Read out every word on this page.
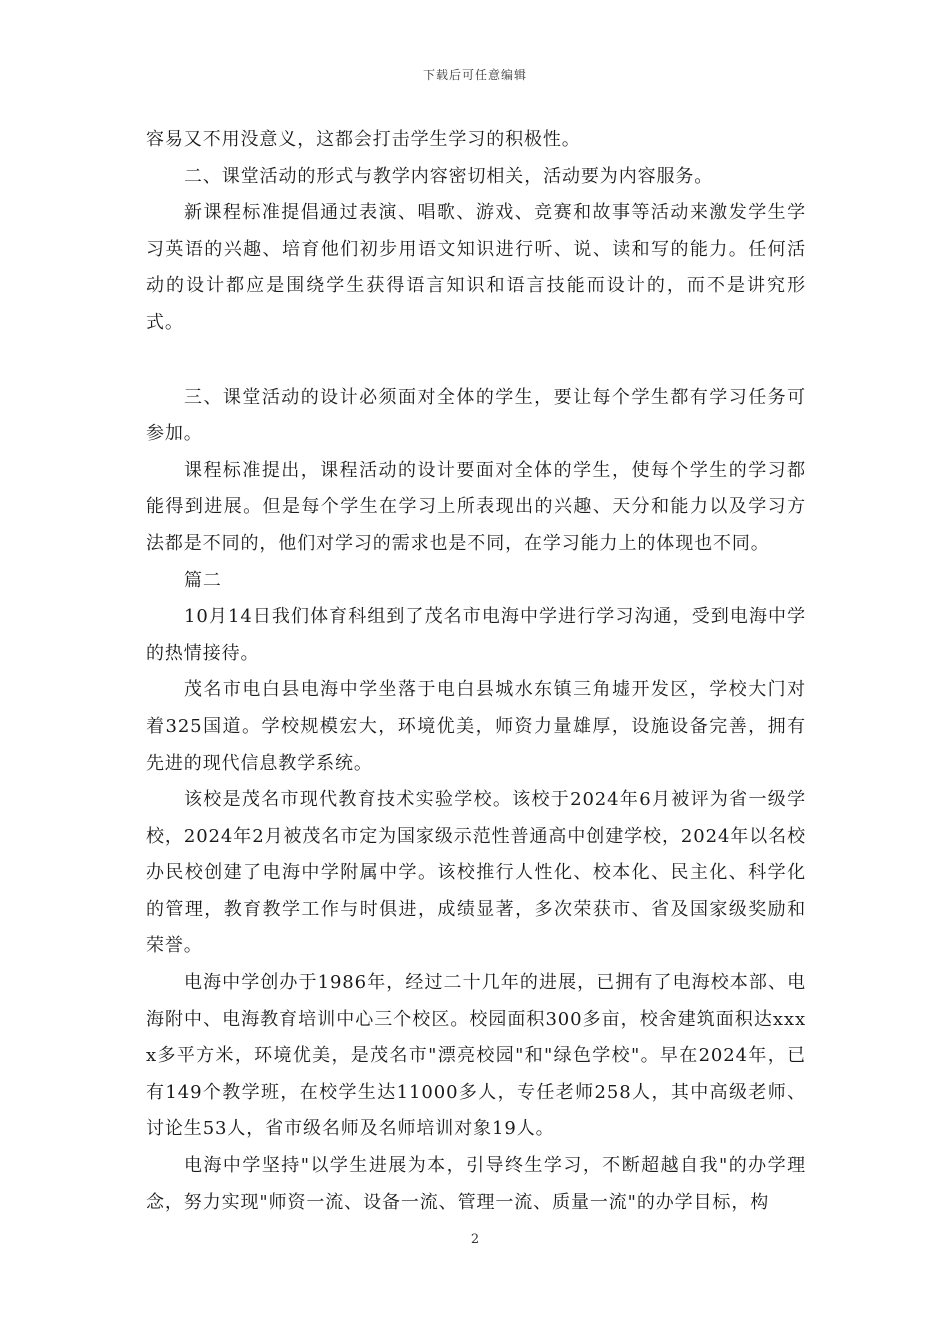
下载后可任意编辑

容易又不用没意义，这都会打击学生学习的积极性。

二、课堂活动的形式与教学内容密切相关，活动要为内容服务。

新课程标准提倡通过表演、唱歌、游戏、竞赛和故事等活动来激发学生学习英语的兴趣、培育他们初步用语文知识进行听、说、读和写的能力。任何活动的设计都应是围绕学生获得语言知识和语言技能而设计的，而不是讲究形式。

三、课堂活动的设计必须面对全体的学生，要让每个学生都有学习任务可参加。

课程标准提出，课程活动的设计要面对全体的学生，使每个学生的学习都能得到进展。但是每个学生在学习上所表现出的兴趣、天分和能力以及学习方法都是不同的，他们对学习的需求也是不同，在学习能力上的体现也不同。

篇二

10月14日我们体育科组到了茂名市电海中学进行学习沟通，受到电海中学的热情接待。

茂名市电白县电海中学坐落于电白县城水东镇三角墟开发区，学校大门对着325国道。学校规模宏大，环境优美，师资力量雄厚，设施设备完善，拥有先进的现代信息教学系统。

该校是茂名市现代教育技术实验学校。该校于2024年6月被评为省一级学校，2024年2月被茂名市定为国家级示范性普通高中创建学校，2024年以名校办民校创建了电海中学附属中学。该校推行人性化、校本化、民主化、科学化的管理，教育教学工作与时俱进，成绩显著，多次荣获市、省及国家级奖励和荣誉。

电海中学创办于1986年，经过二十几年的进展，已拥有了电海校本部、电海附中、电海教育培训中心三个校区。校园面积300多亩，校舍建筑面积达xxxx多平方米，环境优美，是茂名市"漂亮校园"和"绿色学校"。早在2024年，已有149个教学班，在校学生达11000多人，专任老师258人，其中高级老师、讨论生53人，省市级名师及名师培训对象19人。

电海中学坚持"以学生进展为本，引导终生学习，不断超越自我"的办学理念，努力实现"师资一流、设备一流、管理一流、质量一流"的办学目标，构

2
